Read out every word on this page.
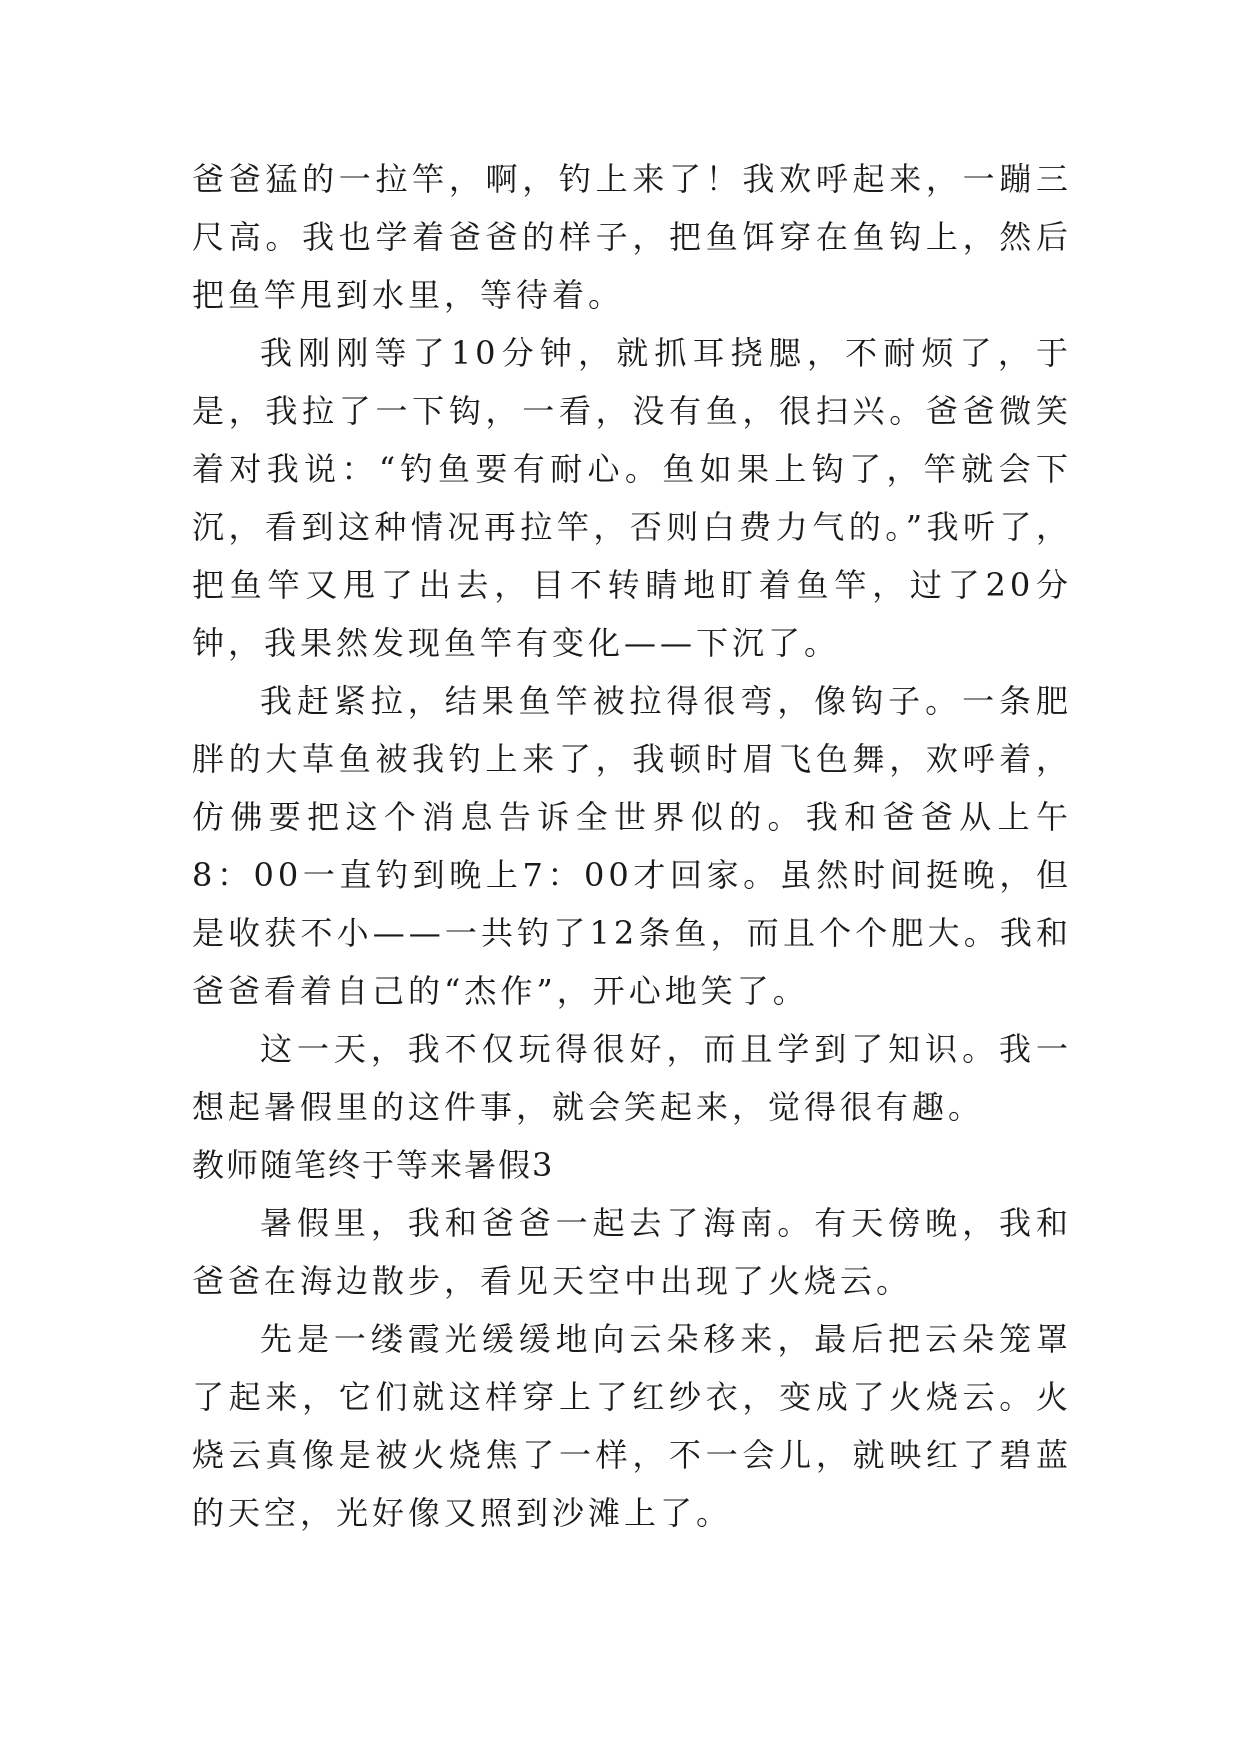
爸爸猛的一拉竿，啊，钓上来了！我欢呼起来，一蹦三尺高。我也学着爸爸的样子，把鱼饵穿在鱼钩上，然后把鱼竿甩到水里，等待着。

我刚刚等了10分钟，就抓耳挠腮，不耐烦了，于是，我拉了一下钩，一看，没有鱼，很扫兴。爸爸微笑着对我说：“钓鱼要有耐心。鱼如果上钩了，竿就会下沉，看到这种情况再拉竿，否则白费力气的。”我听了，把鱼竿又甩了出去，目不转睛地盯着鱼竿，过了20分钟，我果然发现鱼竿有变化——下沉了。

我赶紧拉，结果鱼竿被拉得很弯，像钩子。一条肥胖的大草鱼被我钓上来了，我顿时眉飞色舞，欢呼着，仿佛要把这个消息告诉全世界似的。我和爸爸从上午8：00一直钓到晚上7：00才回家。虽然时间挺晚，但是收获不小——一共钓了12条鱼，而且个个肥大。我和爸爸看着自己的“杰作”，开心地笑了。

这一天，我不仅玩得很好，而且学到了知识。我一想起暑假里的这件事，就会笑起来，觉得很有趣。

教师随笔终于等来暑假3

暑假里，我和爸爸一起去了海南。有天傍晚，我和爸爸在海边散步，看见天空中出现了火烧云。

先是一缕霞光缓缓地向云朵移来，最后把云朵笼罩了起来，它们就这样穿上了红纱衣，变成了火烧云。火烧云真像是被火烧焦了一样，不一会儿，就映红了碧蓝的天空，光好像又照到沙滩上了。
